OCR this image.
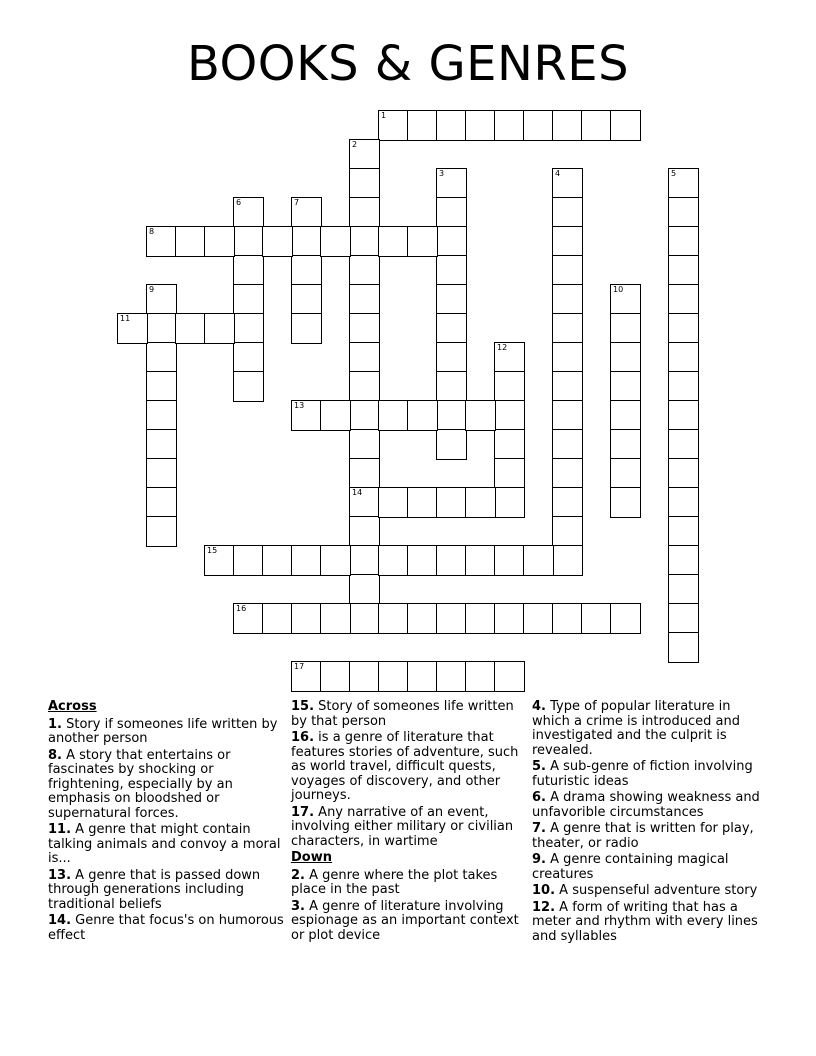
BOOKS & GENRES
1
2
14
3	4	5
6	7
8
9	10
11
12
13
15
16
17
Across
1. Story if someones life written by another person
8. A story that entertains or fascinates by shocking or frightening, especially by an emphasis on bloodshed or supernatural forces.
11. A genre that might contain talking animals and convoy a moral is...
13. A genre that is passed down through generations including traditional beliefs
14. Genre that focus's on humorous effect
15. Story of someones life written by that person
16. is a genre of literature that features stories of adventure, such as world travel, difficult quests, voyages of discovery, and other journeys.
17. Any narrative of an event, involving either military or civilian characters, in wartime
Down
2. A genre where the plot takes place in the past
3. A genre of literature involving espionage as an important context or plot device
4. Type of popular literature in which a crime is introduced and investigated and the culprit is revealed.
5. A sub-genre of fiction involving futuristic ideas
6. A drama showing weakness and unfavorible circumstances
7. A genre that is written for play, theater, or radio
9. A genre containing magical creatures
10. A suspenseful adventure story
12. A form of writing that has a meter and rhythm with every lines and syllables
